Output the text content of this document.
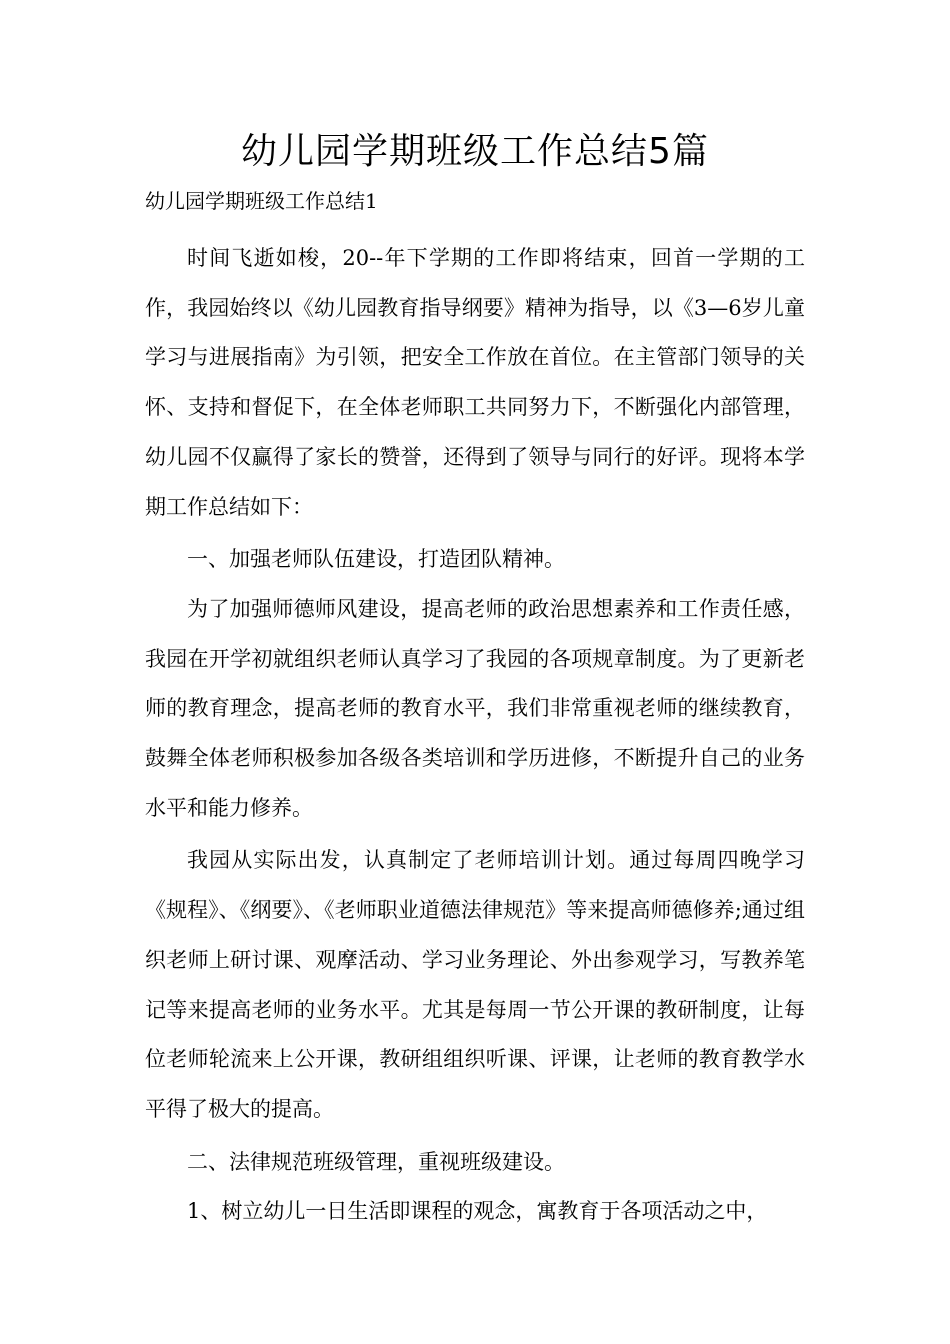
幼儿园学期班级工作总结5篇

幼儿园学期班级工作总结1

时间飞逝如梭，20--年下学期的工作即将结束，回首一学期的工作，我园始终以《幼儿园教育指导纲要》精神为指导，以《3—6岁儿童学习与进展指南》为引领，把安全工作放在首位。在主管部门领导的关怀、支持和督促下，在全体老师职工共同努力下，不断强化内部管理，幼儿园不仅赢得了家长的赞誉，还得到了领导与同行的好评。现将本学期工作总结如下：

一、加强老师队伍建设，打造团队精神。

为了加强师德师风建设，提高老师的政治思想素养和工作责任感，我园在开学初就组织老师认真学习了我园的各项规章制度。为了更新老师的教育理念，提高老师的教育水平，我们非常重视老师的继续教育，鼓舞全体老师积极参加各级各类培训和学历进修，不断提升自己的业务水平和能力修养。

我园从实际出发，认真制定了老师培训计划。通过每周四晚学习《规程》、《纲要》、《老师职业道德法律规范》等来提高师德修养;通过组织老师上研讨课、观摩活动、学习业务理论、外出参观学习，写教养笔记等来提高老师的业务水平。尤其是每周一节公开课的教研制度，让每位老师轮流来上公开课，教研组组织听课、评课，让老师的教育教学水平得了极大的提高。

二、法律规范班级管理，重视班级建设。

1、树立幼儿一日生活即课程的观念，寓教育于各项活动之中，
